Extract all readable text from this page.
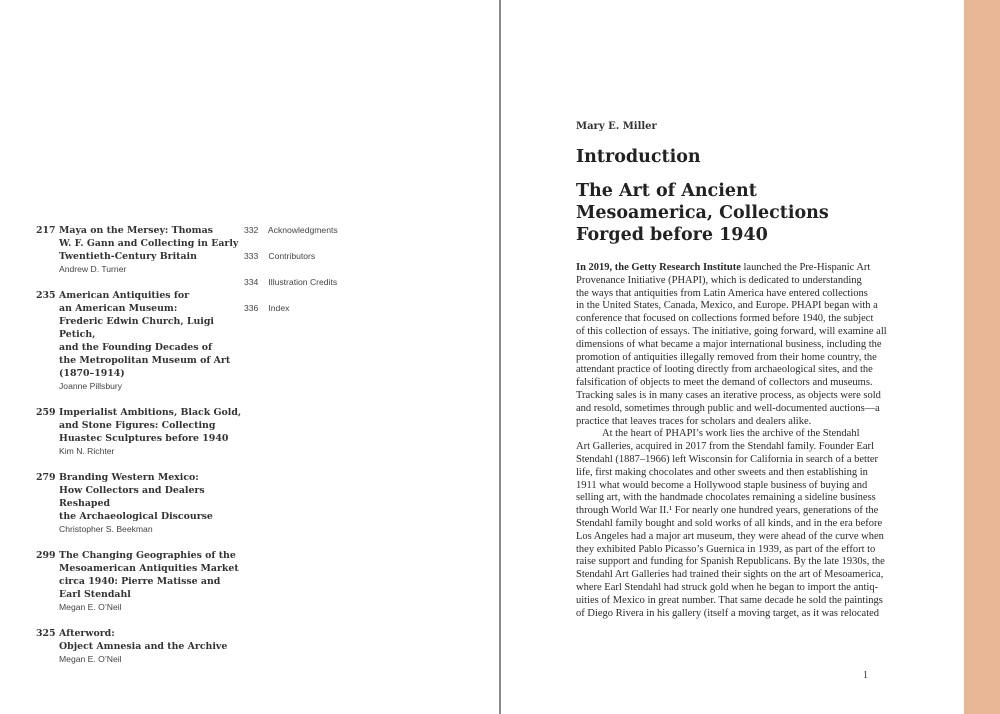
217 Maya on the Mersey: Thomas
W. F. Gann and Collecting in Early
Twentieth-Century Britain
Andrew D. Turner
235 American Antiquities for
an American Museum:
Frederic Edwin Church, Luigi Petich,
and the Founding Decades of
the Metropolitan Museum of Art
(1870–1914)
Joanne Pillsbury
259 Imperialist Ambitions, Black Gold,
and Stone Figures: Collecting
Huastec Sculptures before 1940
Kim N. Richter
279 Branding Western Mexico:
How Collectors and Dealers Reshaped
the Archaeological Discourse
Christopher S. Beekman
299 The Changing Geographies of the
Mesoamerican Antiquities Market
circa 1940: Pierre Matisse and
Earl Stendahl
Megan E. O’Neil
325 Afterword:
Object Amnesia and the Archive
Megan E. O’Neil
332 Acknowledgments
333 Contributors
334 Illustration Credits
336 Index
Mary E. Miller
Introduction
The Art of Ancient
Mesoamerica, Collections
Forged before 1940
In 2019, the Getty Research Institute launched the Pre-Hispanic Art
Provenance Initiative (PHAPI), which is dedicated to understanding
the ways that antiquities from Latin America have entered collections
in the United States, Canada, Mexico, and Europe. PHAPI began with a
conference that focused on collections formed before 1940, the subject
of this collection of essays. The initiative, going forward, will examine all
dimensions of what became a major international business, including the
promotion of antiquities illegally removed from their home country, the
attendant practice of looting directly from archaeological sites, and the
falsification of objects to meet the demand of collectors and museums.
Tracking sales is in many cases an iterative process, as objects were sold
and resold, sometimes through public and well-documented auctions—a
practice that leaves traces for scholars and dealers alike.
At the heart of PHAPI’s work lies the archive of the Stendahl
Art Galleries, acquired in 2017 from the Stendahl family. Founder Earl
Stendahl (1887–1966) left Wisconsin for California in search of a better
life, first making chocolates and other sweets and then establishing in
1911 what would become a Hollywood staple business of buying and
selling art, with the handmade chocolates remaining a sideline business
through World War II.¹ For nearly one hundred years, generations of the
Stendahl family bought and sold works of all kinds, and in the era before
Los Angeles had a major art museum, they were ahead of the curve when
they exhibited Pablo Picasso’s Guernica in 1939, as part of the effort to
raise support and funding for Spanish Republicans. By the late 1930s, the
Stendahl Art Galleries had trained their sights on the art of Mesoamerica,
where Earl Stendahl had struck gold when he began to import the antiq-
uities of Mexico in great number. That same decade he sold the paintings
of Diego Rivera in his gallery (itself a moving target, as it was relocated
1
